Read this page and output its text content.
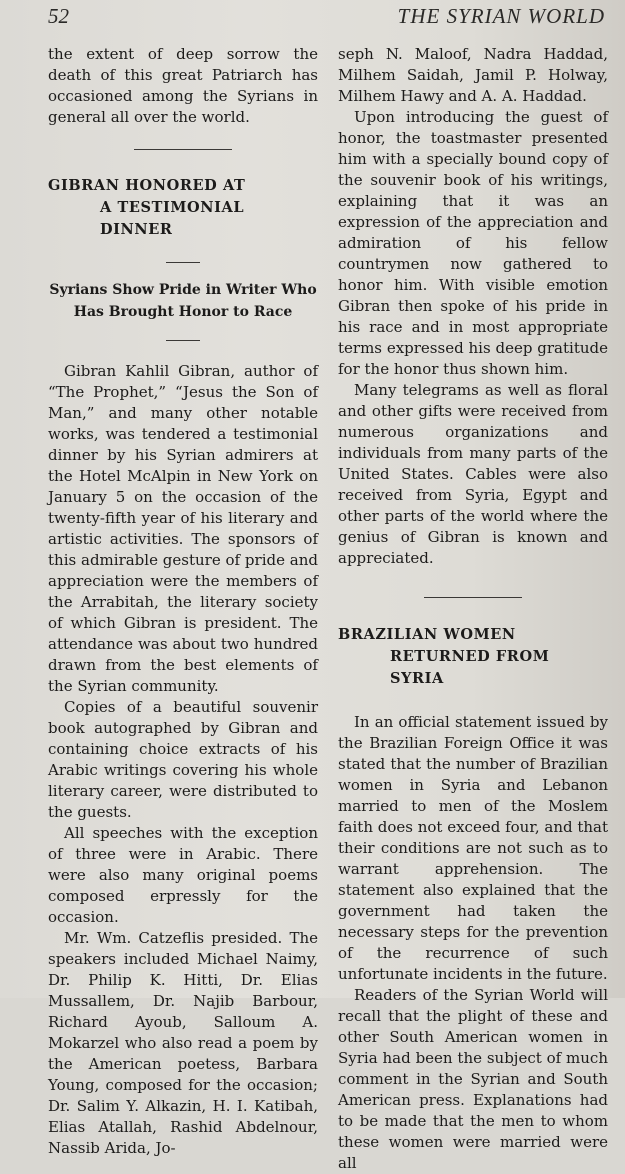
52	THE SYRIAN WORLD

the extent of deep sorrow the death of this great Patriarch has occasioned among the Syrians in general all over the world.

GIBRAN HONORED AT
A TESTIMONIAL DINNER
Syrians Show Pride in Writer Who
Has Brought Honor to Race

Gibran Kahlil Gibran, author of “The Prophet,” “Jesus the Son of Man,” and many other notable works, was tendered a testimonial dinner by his Syrian admirers at the Hotel McAlpin in New York on January 5 on the occasion of the twenty-fifth year of his literary and artistic activities. The sponsors of this admirable gesture of pride and appreciation were the members of the Arrabitah, the literary society of which Gibran is president. The attendance was about two hundred drawn from the best elements of the Syrian community.

Copies of a beautiful souvenir book autographed by Gibran and containing choice extracts of his Arabic writings covering his whole literary career, were distributed to the guests.

All speeches with the exception of three were in Arabic. There were also many original poems composed erpressly for the occasion.

Mr. Wm. Catzeflis presided. The speakers included Michael Naimy, Dr. Philip K. Hitti, Dr. Elias Mussallem, Dr. Najib Barbour, Richard Ayoub, Salloum A. Mokarzel who also read a poem by the American poetess, Barbara Young, composed for the occasion; Dr. Salim Y. Alkazin, H. I. Katibah, Elias Atallah, Rashid Abdelnour, Nassib Arida, Jo-

seph N. Maloof, Nadra Haddad, Milhem Saidah, Jamil P. Holway, Milhem Hawy and A. A. Haddad.

Upon introducing the guest of honor, the toastmaster presented him with a specially bound copy of the souvenir book of his writings, explaining that it was an expression of the appreciation and admiration of his fellow countrymen now gathered to honor him. With visible emotion Gibran then spoke of his pride in his race and in most appropriate terms expressed his deep gratitude for the honor thus shown him.

Many telegrams as well as floral and other gifts were received from numerous organizations and individuals from many parts of the United States. Cables were also received from Syria, Egypt and other parts of the world where the genius of Gibran is known and appreciated.

BRAZILIAN WOMEN
RETURNED FROM SYRIA

In an official statement issued by the Brazilian Foreign Office it was stated that the number of Brazilian women in Syria and Lebanon married to men of the Moslem faith does not exceed four, and that their conditions are not such as to warrant apprehension. The statement also explained that the government had taken the necessary steps for the prevention of the recurrence of such unfortunate incidents in the future.

Readers of the Syrian World will recall that the plight of these and other South American women in Syria had been the subject of much comment in the Syrian and South American press. Explanations had to be made that the men to whom these women were married were all
